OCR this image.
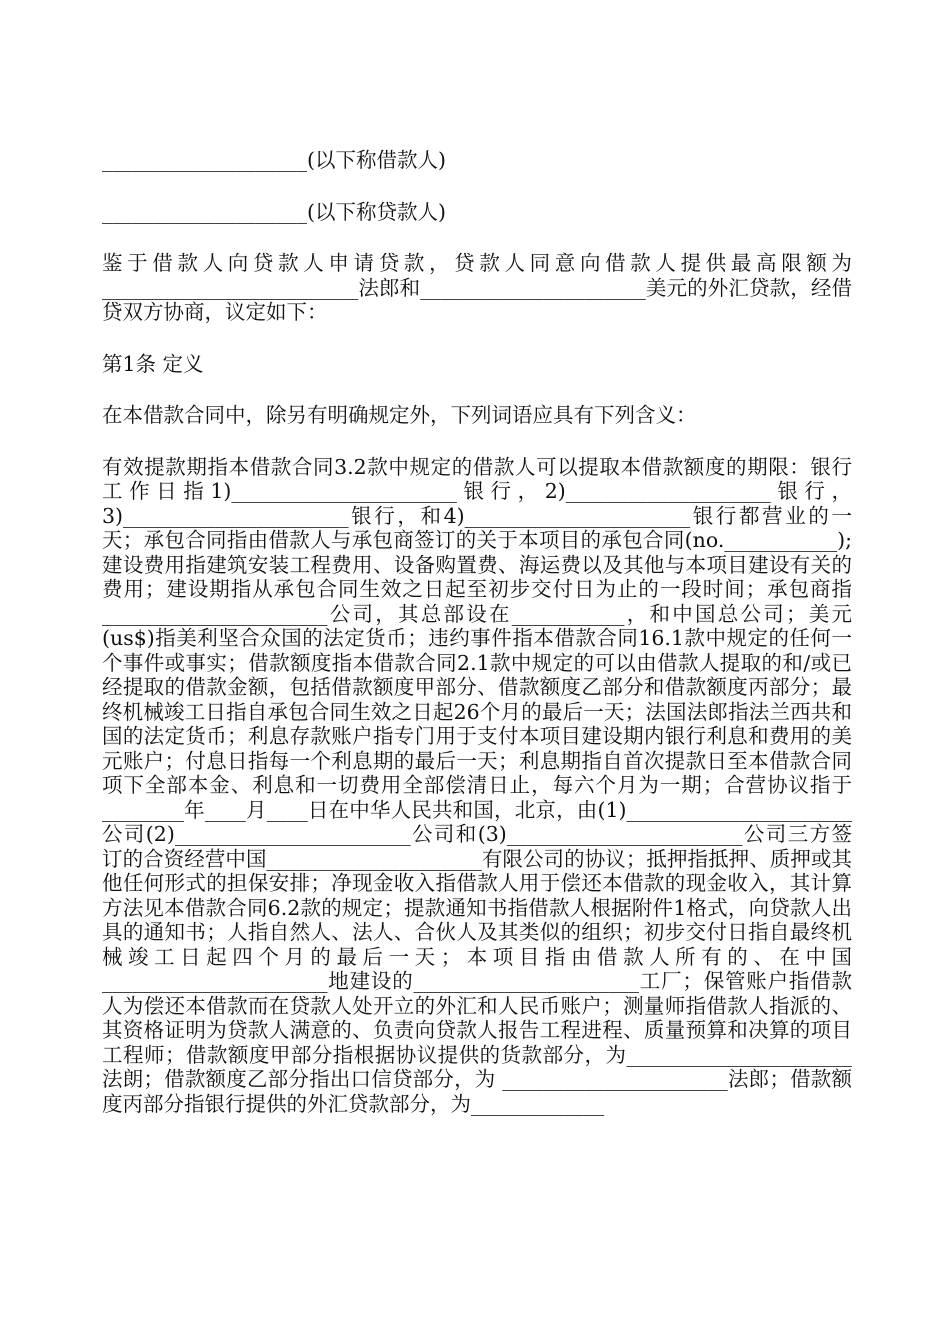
____________________(以下称借款人)

____________________(以下称贷款人)

鉴于借款人向贷款人申请贷款，贷款人同意向借款人提供最高限额为_________________________法郎和______________________美元的外汇贷款，经借贷双方协商，议定如下：

第1条 定义

在本借款合同中，除另有明确规定外，下列词语应具有下列含义：

有效提款期指本借款合同3.2款中规定的借款人可以提取本借款额度的期限：银行工作日指1)______________________银行，2)____________________银行，3)______________________银行，和4)______________________银行都营业的一天；承包合同指由借款人与承包商签订的关于本项目的承包合同(no.___________);建设费用指建筑安装工程费用、设备购置费、海运费以及其他与本项目建设有关的费用；建设期指从承包合同生效之日起至初步交付日为止的一段时间；承包商指 ______________________公司，其总部设在___________，和中国总公司；美元(us$)指美利坚合众国的法定货币；违约事件指本借款合同16.1款中规定的任何一个事件或事实；借款额度指本借款合同2.1款中规定的可以由借款人提取的和/或已经提取的借款金额，包括借款额度甲部分、借款额度乙部分和借款额度丙部分；最终机械竣工日指自承包合同生效之日起26个月的最后一天；法国法郎指法兰西共和国的法定货币；利息存款账户指专门用于支付本项目建设期内银行利息和费用的美元账户；付息日指每一个利息期的最后一天；利息期指自首次提款日至本借款合同项下全部本金、利息和一切费用全部偿清日止，每六个月为一期；合营协议指于________年____月____日在中华人民共和国，北京，由(1)______________________公司(2)_______________________公司和(3)_______________________公司三方签订的合资经营中国_____________________有限公司的协议；抵押指抵押、质押或其他任何形式的担保安排；净现金收入指借款人用于偿还本借款的现金收入，其计算方法见本借款合同6.2款的规定；提款通知书指借款人根据附件1格式，向贷款人出具的通知书；人指自然人、法人、合伙人及其类似的组织；初步交付日指自最终机械竣工日起四个月的最后一天；本项目指由借款人所有的、在中国 ______________________地建设的______________________工厂；保管账户指借款人为偿还本借款而在贷款人处开立的外汇和人民币账户；测量师指借款人指派的、其资格证明为贷款人满意的、负责向贷款人报告工程进程、质量预算和决算的项目工程师；借款额度甲部分指根据协议提供的货款部分，为______________________法朗；借款额度乙部分指出口信贷部分，为 ______________________法郎；借款额度丙部分指银行提供的外汇贷款部分，为_____________
